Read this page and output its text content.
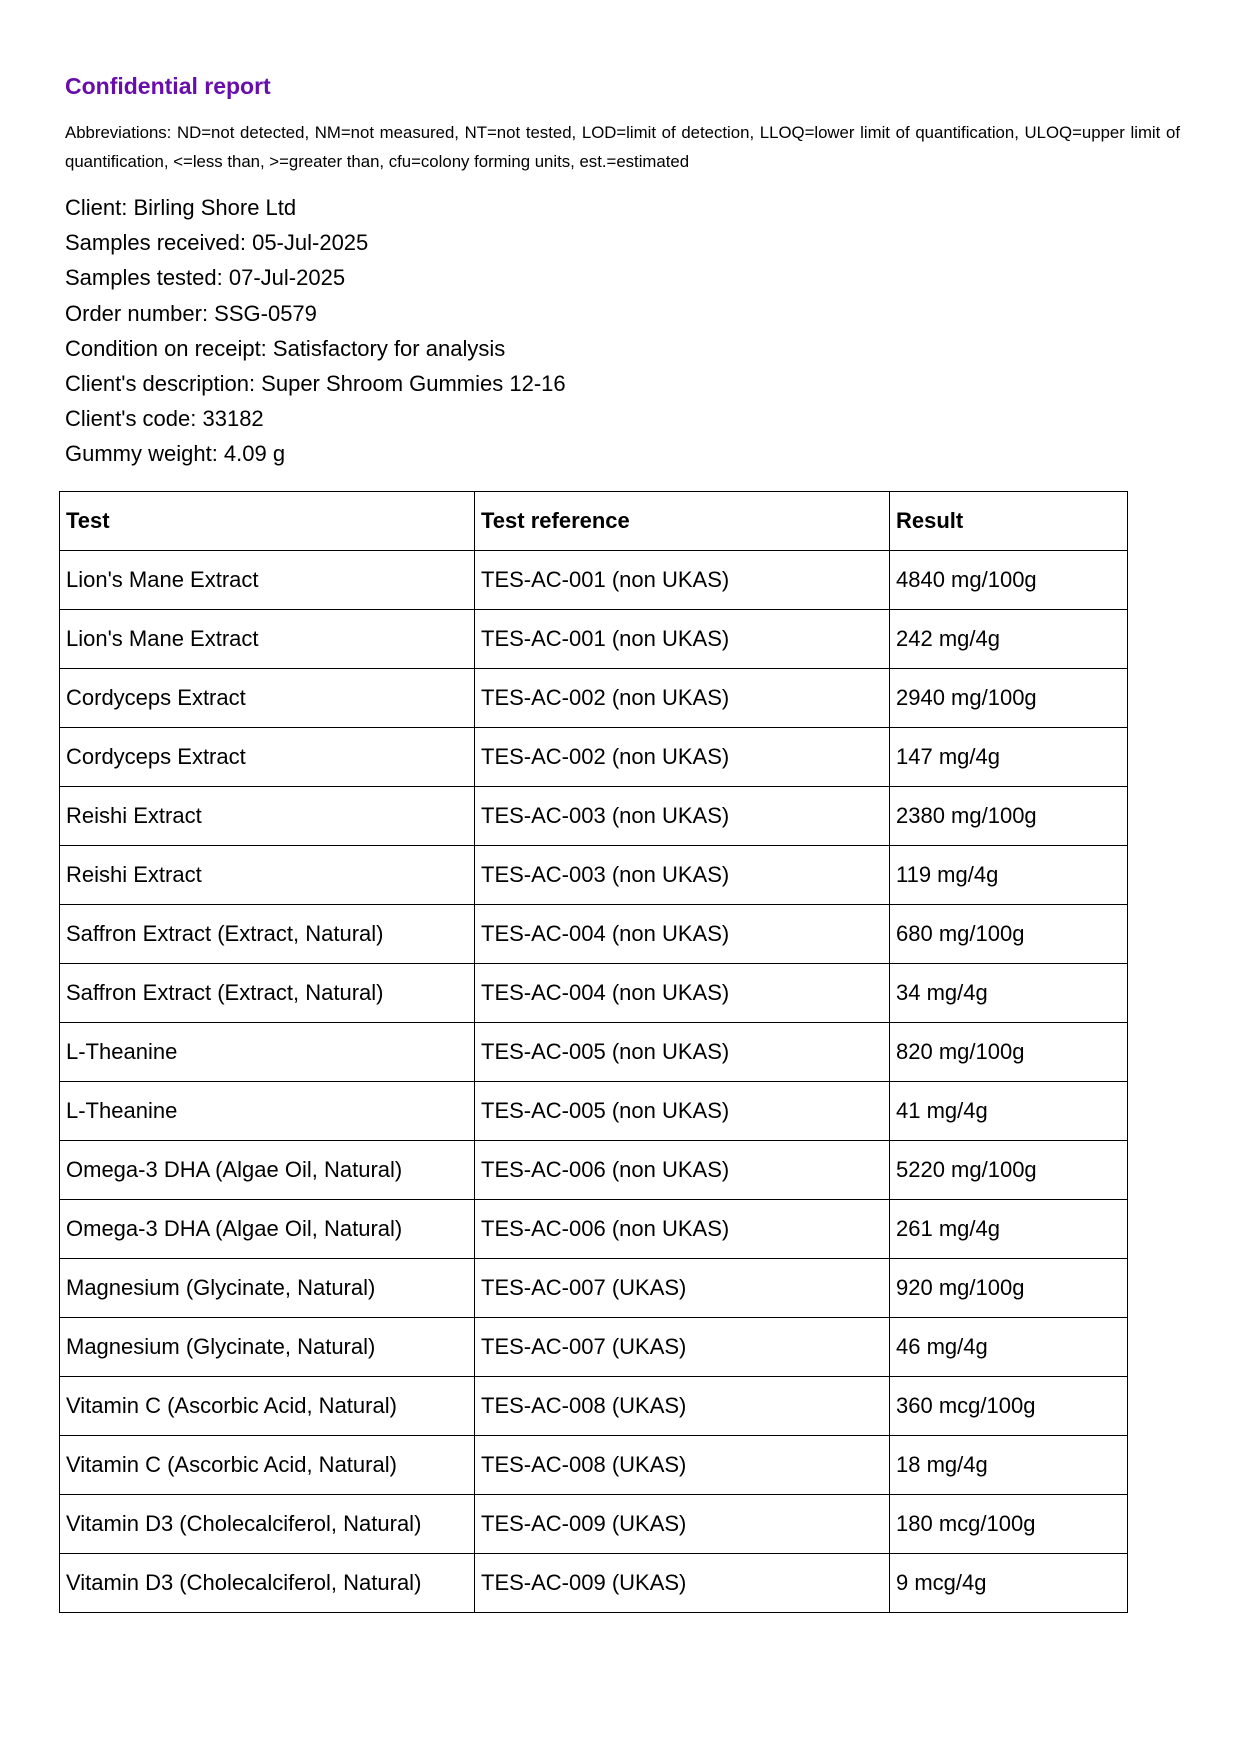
Confidential report
Abbreviations: ND=not detected, NM=not measured, NT=not tested, LOD=limit of detection, LLOQ=lower limit of quantification, ULOQ=upper limit of quantification, <=less than, >=greater than, cfu=colony forming units, est.=estimated
Client: Birling Shore Ltd
Samples received: 05-Jul-2025
Samples tested: 07-Jul-2025
Order number: SSG-0579
Condition on receipt: Satisfactory for analysis
Client's description: Super Shroom Gummies 12-16
Client's code: 33182
Gummy weight: 4.09 g
Test	Test reference	Result
Lion's Mane Extract	TES-AC-001 (non UKAS)	4840 mg/100g
Lion's Mane Extract	TES-AC-001 (non UKAS)	242 mg/4g
Cordyceps Extract	TES-AC-002 (non UKAS)	2940 mg/100g
Cordyceps Extract	TES-AC-002 (non UKAS)	147 mg/4g
Reishi Extract	TES-AC-003 (non UKAS)	2380 mg/100g
Reishi Extract	TES-AC-003 (non UKAS)	119 mg/4g
Saffron Extract (Extract, Natural)	TES-AC-004 (non UKAS)	680 mg/100g
Saffron Extract (Extract, Natural)	TES-AC-004 (non UKAS)	34 mg/4g
L-Theanine	TES-AC-005 (non UKAS)	820 mg/100g
L-Theanine	TES-AC-005 (non UKAS)	41 mg/4g
Omega-3 DHA (Algae Oil, Natural)	TES-AC-006 (non UKAS)	5220 mg/100g
Omega-3 DHA (Algae Oil, Natural)	TES-AC-006 (non UKAS)	261 mg/4g
Magnesium (Glycinate, Natural)	TES-AC-007 (UKAS)	920 mg/100g
Magnesium (Glycinate, Natural)	TES-AC-007 (UKAS)	46 mg/4g
Vitamin C (Ascorbic Acid, Natural)	TES-AC-008 (UKAS)	360 mcg/100g
Vitamin C (Ascorbic Acid, Natural)	TES-AC-008 (UKAS)	18 mg/4g
Vitamin D3 (Cholecalciferol, Natural)	TES-AC-009 (UKAS)	180 mcg/100g
Vitamin D3 (Cholecalciferol, Natural)	TES-AC-009 (UKAS)	9 mcg/4g
